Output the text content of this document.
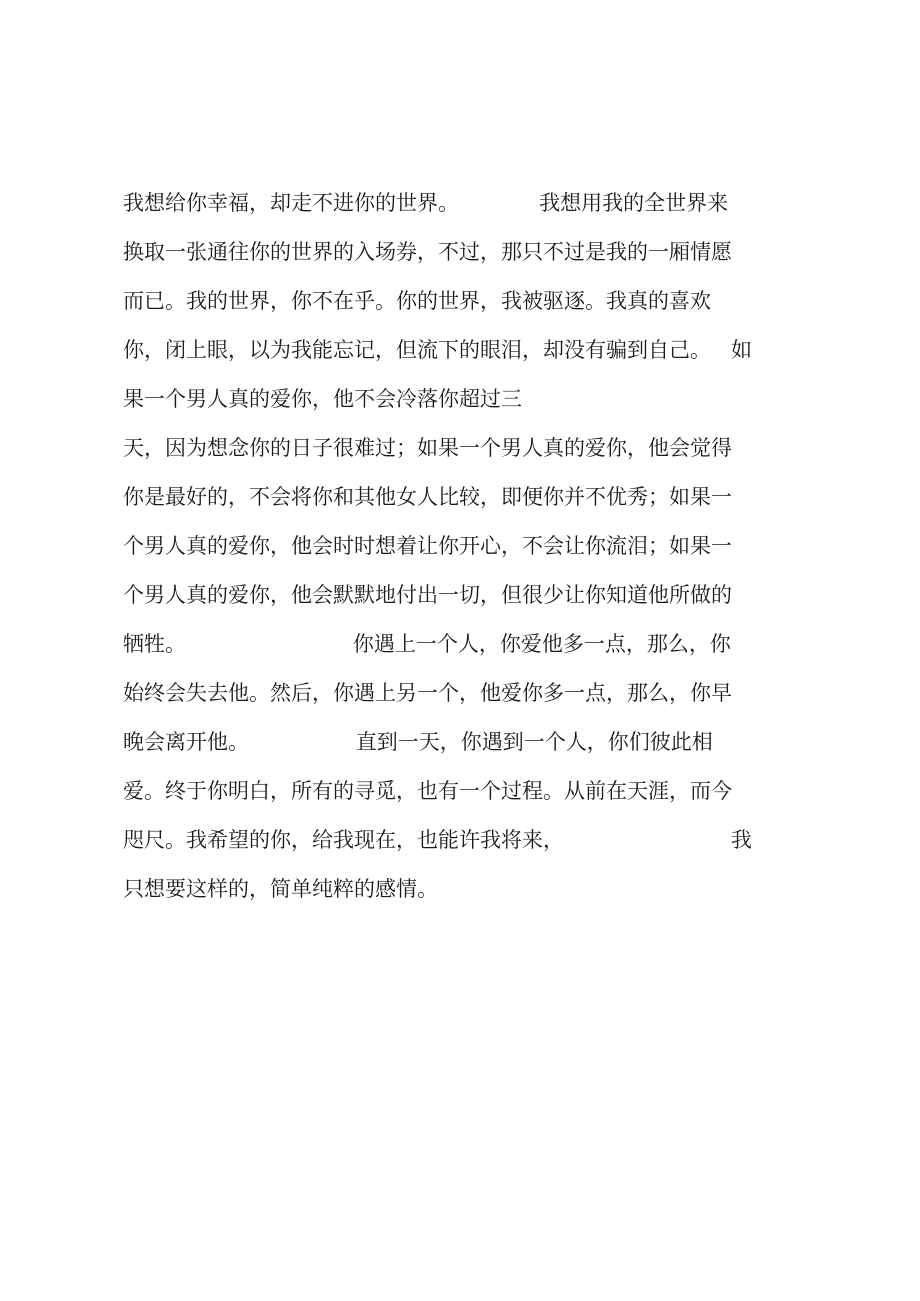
我想给你幸福，却走不进你的世界。            我想用我的全世界来
换取一张通往你的世界的入场券，不过，那只不过是我的一厢情愿
而已。我的世界，你不在乎。你的世界，我被驱逐。我真的喜欢
你，闭上眼，以为我能忘记，但流下的眼泪，却没有骗到自己。   如
果一个男人真的爱你，他不会冷落你超过三
天，因为想念你的日子很难过；如果一个男人真的爱你，他会觉得
你是最好的，不会将你和其他女人比较，即便你并不优秀；如果一
个男人真的爱你，他会时时想着让你开心，不会让你流泪；如果一
个男人真的爱你，他会默默地付出一切，但很少让你知道他所做的
牺牲。                         你遇上一个人，你爱他多一点，那么，你
始终会失去他。然后，你遇上另一个，他爱你多一点，那么，你早
晚会离开他。                直到一天，你遇到一个人，你们彼此相
爱。终于你明白，所有的寻觅，也有一个过程。从前在天涯，而今
咫尺。我希望的你，给我现在，也能许我将来，                         我
只想要这样的，简单纯粹的感情。
